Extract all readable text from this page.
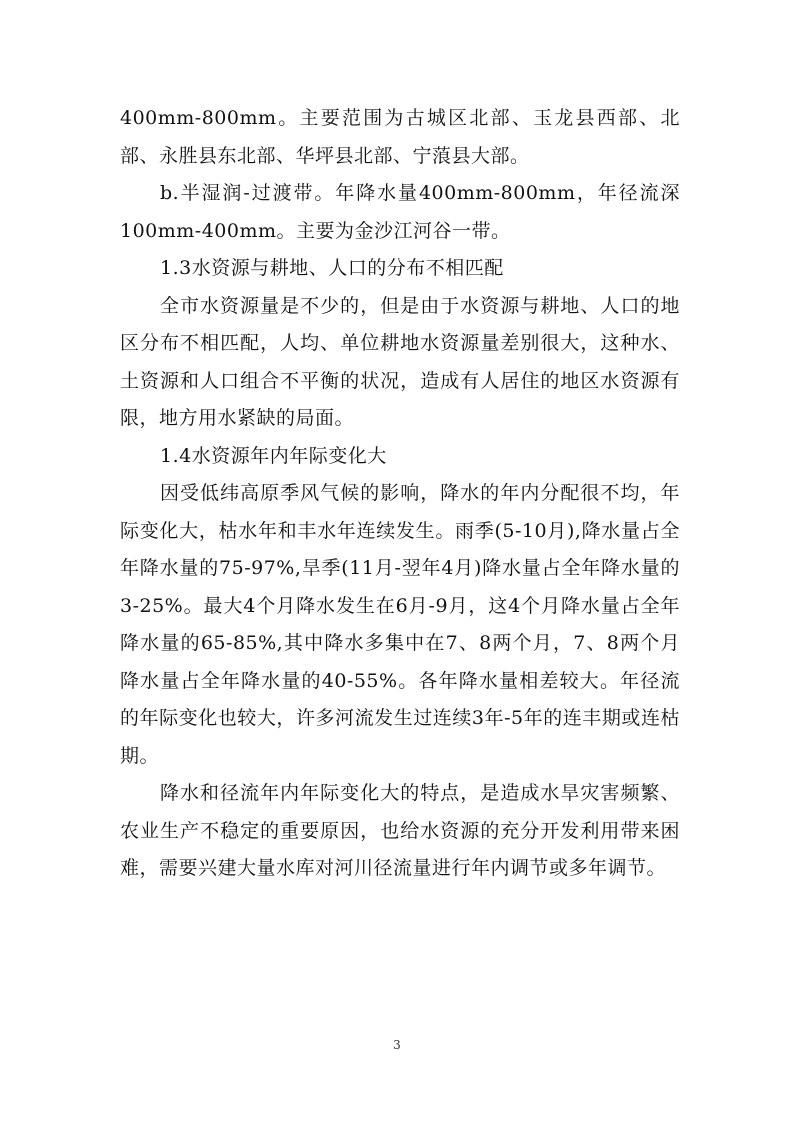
400mm-800mm。主要范围为古城区北部、玉龙县西部、北部、永胜县东北部、华坪县北部、宁蒗县大部。

b.半湿润-过渡带。年降水量400mm-800mm，年径流深100mm-400mm。主要为金沙江河谷一带。

1.3水资源与耕地、人口的分布不相匹配

全市水资源量是不少的，但是由于水资源与耕地、人口的地区分布不相匹配，人均、单位耕地水资源量差别很大，这种水、土资源和人口组合不平衡的状况，造成有人居住的地区水资源有限，地方用水紧缺的局面。

1.4水资源年内年际变化大

因受低纬高原季风气候的影响，降水的年内分配很不均，年际变化大，枯水年和丰水年连续发生。雨季(5-10月),降水量占全年降水量的75-97%,旱季(11月-翌年4月)降水量占全年降水量的3-25%。最大4个月降水发生在6月-9月，这4个月降水量占全年降水量的65-85%,其中降水多集中在7、8两个月，7、8两个月降水量占全年降水量的40-55%。各年降水量相差较大。年径流的年际变化也较大，许多河流发生过连续3年-5年的连丰期或连枯期。

降水和径流年内年际变化大的特点，是造成水旱灾害频繁、农业生产不稳定的重要原因，也给水资源的充分开发利用带来困难，需要兴建大量水库对河川径流量进行年内调节或多年调节。

3
